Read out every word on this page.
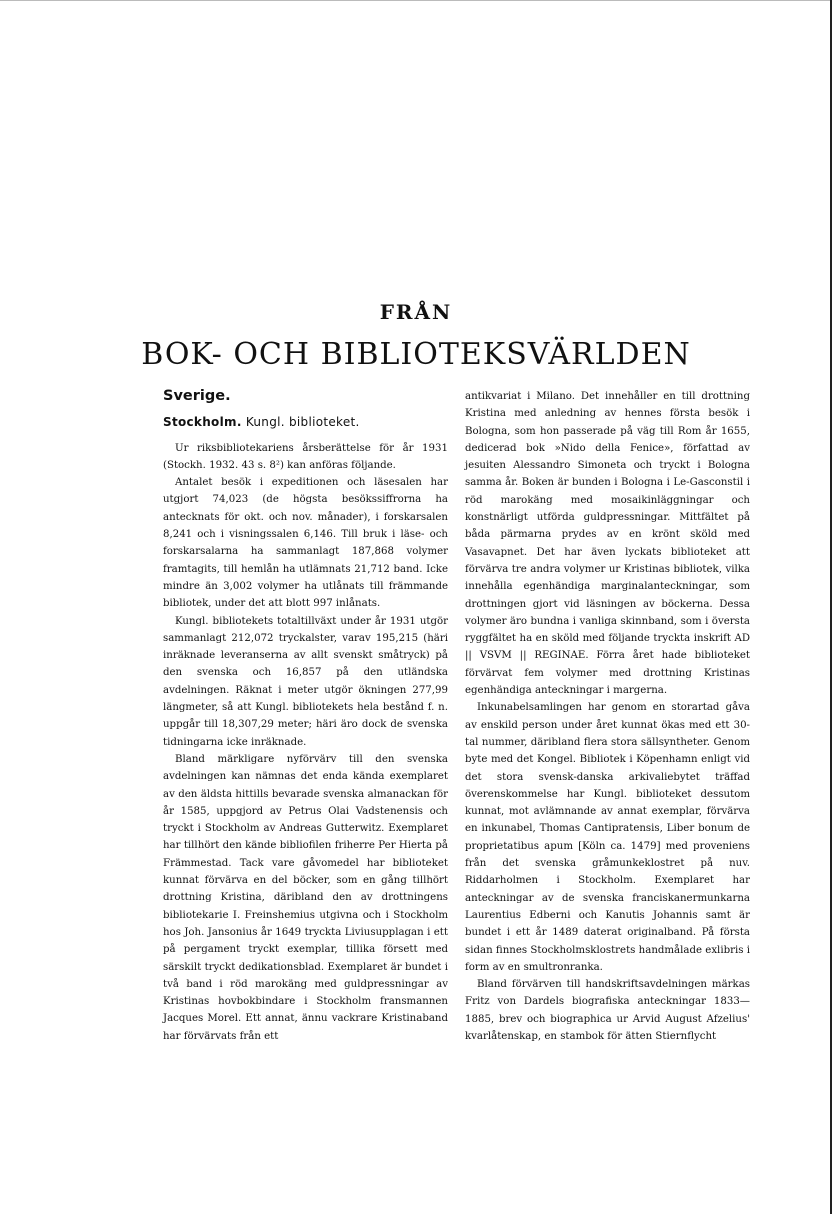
FRÅN
BOK- OCH BIBLIOTEKSVÄRLDEN
Sverige.
Stockholm. Kungl. biblioteket.

Ur riksbibliotekariens årsberättelse för år 1931 (Stockh. 1932. 43 s. 8²) kan anföras följande.

Antalet besök i expeditionen och läsesalen har utgjort 74,023 (de högsta besökssiffrorna ha antecknats för okt. och nov. månader), i forskarsalen 8,241 och i visningssalen 6,146. Till bruk i läse- och forskarsalarna ha sammanlagt 187,868 volymer framtagits, till hemlån ha utlämnats 21,712 band. Icke mindre än 3,002 volymer ha utlånats till främmande bibliotek, under det att blott 997 inlånats.

Kungl. bibliotekets totaltillväxt under år 1931 utgör sammanlagt 212,072 tryckalster, varav 195,215 (häri inräknade leveranserna av allt svenskt småtryck) på den svenska och 16,857 på den utländska avdelningen. Räknat i meter utgör ökningen 277,99 längmeter, så att Kungl. bibliotekets hela bestånd f. n. uppgår till 18,307,29 meter; häri äro dock de svenska tidningarna icke inräknade.

Bland märkligare nyförvärv till den svenska avdelningen kan nämnas det enda kända exemplaret av den äldsta hittills bevarade svenska almanackan för år 1585, uppgjord av Petrus Olai Vadstenensis och tryckt i Stockholm av Andreas Gutterwitz. Exemplaret har tillhört den kände bibliofilen friherre Per Hierta på Främmestad. Tack vare gåvomedel har biblioteket kunnat förvärva en del böcker, som en gång tillhört drottning Kristina, däribland den av drottningens bibliotekarie I. Freinshemius utgivna och i Stockholm hos Joh. Jansonius år 1649 tryckta Liviusupplagan i ett på pergament tryckt exemplar, tillika försett med särskilt tryckt dedikationsblad. Exemplaret är bundet i två band i röd marokäng med guldpressningar av Kristinas hovbokbindare i Stockholm fransmannen Jacques Morel. Ett annat, ännu vackrare Kristinaband har förvärvats från ett

antikvariat i Milano. Det innehåller en till drottning Kristina med anledning av hennes första besök i Bologna, som hon passerade på väg till Rom år 1655, dedicerad bok »Nido della Fenice», författad av jesuiten Alessandro Simoneta och tryckt i Bologna samma år. Boken är bunden i Bologna i Le-Gasconstil i röd marokäng med mosaikinläggningar och konstnärligt utförda guldpressningar. Mittfältet på båda pärmarna prydes av en krönt sköld med Vasavapnet. Det har även lyckats biblioteket att förvärva tre andra volymer ur Kristinas bibliotek, vilka innehålla egenhändiga marginalanteckningar, som drottningen gjort vid läsningen av böckerna. Dessa volymer äro bundna i vanliga skinnband, som i översta ryggfältet ha en sköld med följande tryckta inskrift AD || VSVM || REGINAE. Förra året hade biblioteket förvärvat fem volymer med drottning Kristinas egenhändiga anteckningar i margerna.

Inkunabelsamlingen har genom en storartad gåva av enskild person under året kunnat ökas med ett 30-tal nummer, däribland flera stora sällsyntheter. Genom byte med det Kongel. Bibliotek i Köpenhamn enligt vid det stora svensk-danska arkivaliebytet träffad överenskommelse har Kungl. biblioteket dessutom kunnat, mot avlämnande av annat exemplar, förvärva en inkunabel, Thomas Cantipratensis, Liber bonum de proprietatibus apum [Köln ca. 1479] med proveniens från det svenska gråmunkeklostret på nuv. Riddarholmen i Stockholm. Exemplaret har anteckningar av de svenska franciskanermunkarna Laurentius Edberni och Kanutis Johannis samt är bundet i ett år 1489 daterat originalband. På första sidan finnes Stockholmsklostrets handmålade exlibris i form av en smultronranka.

Bland förvärven till handskriftsavdelningen märkas Fritz von Dardels biografiska anteckningar 1833—1885, brev och biographica ur Arvid August Afzelius' kvarlåtenskap, en stambok för ätten Stiernflycht
